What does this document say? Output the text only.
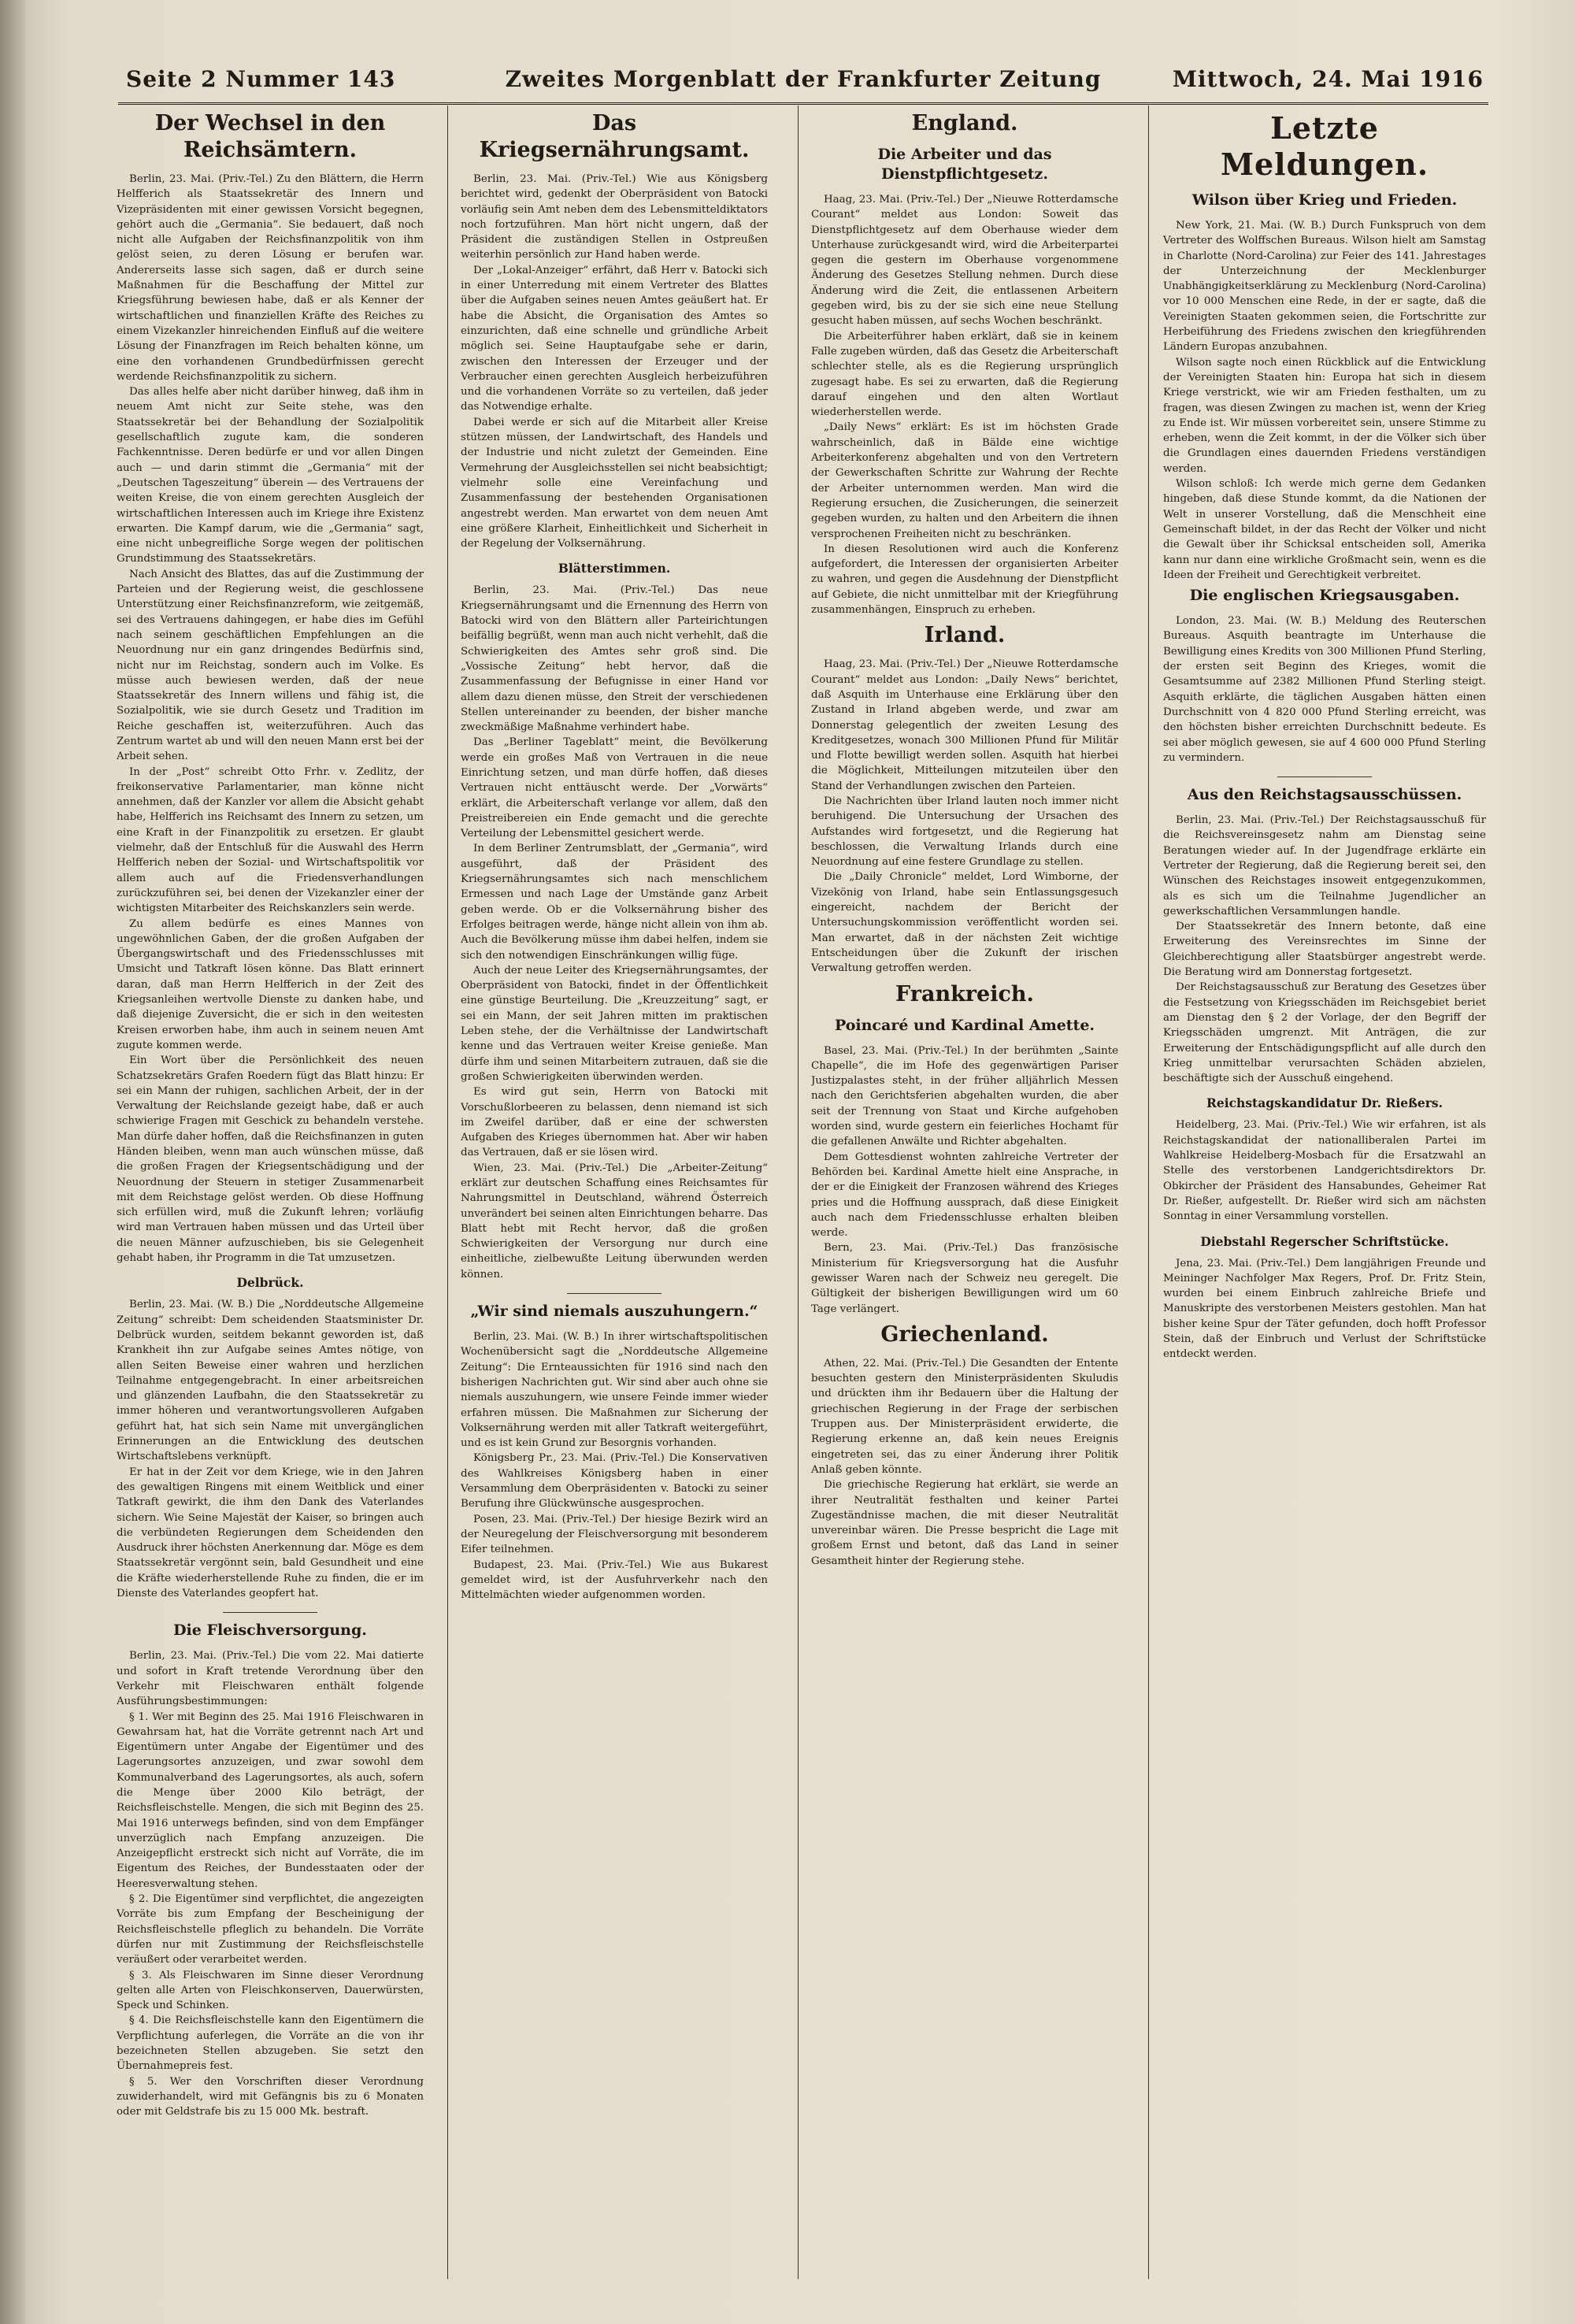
Seite 2 Nummer 143	Zweites Morgenblatt der Frankfurter Zeitung	Mittwoch, 24. Mai 1916
Der Wechsel in den Reichsämtern.

Berlin, 23. Mai. (Priv.-Tel.) Zu den Blättern, die Herrn Helfferich als Staatssekretär des Innern und Vizepräsidenten mit einer gewissen Vorsicht begegnen, gehört auch die „Germania“. Sie bedauert, daß noch nicht alle Aufgaben der Reichsfinanzpolitik von ihm gelöst seien, zu deren Lösung er berufen war. Andererseits lasse sich sagen, daß er durch seine Maßnahmen für die Beschaffung der Mittel zur Kriegsführung bewiesen habe, daß er als Kenner der wirtschaftlichen und finanziellen Kräfte des Reiches zu einem Vizekanzler hinreichenden Einfluß auf die weitere Lösung der Finanzfragen im Reich behalten könne, um eine den vorhandenen Grundbedürfnissen gerecht werdende Reichsfinanzpolitik zu sichern.

Das alles helfe aber nicht darüber hinweg, daß ihm in neuem Amt nicht zur Seite stehe, was den Staatssekretär bei der Behandlung der Sozialpolitik gesellschaftlich zugute kam, die sonderen Fachkenntnisse. Deren bedürfe er und vor allen Dingen auch — und darin stimmt die „Germania“ mit der „Deutschen Tageszeitung“ überein — des Vertrauens der weiten Kreise, die von einem gerechten Ausgleich der wirtschaftlichen Interessen auch im Kriege ihre Existenz erwarten. Die Kampf darum, wie die „Germania“ sagt, eine nicht unbegreifliche Sorge wegen der politischen Grundstimmung des Staatssekretärs.

Nach Ansicht des Blattes, das auf die Zustimmung der Parteien und der Regierung weist, die geschlossene Unterstützung einer Reichsfinanzreform, wie zeitgemäß, sei des Vertrauens dahingegen, er habe dies im Gefühl nach seinem geschäftlichen Empfehlungen an die Neuordnung nur ein ganz dringendes Bedürfnis sind, nicht nur im Reichstag, sondern auch im Volke. Es müsse auch bewiesen werden, daß der neue Staatssekretär des Innern willens und fähig ist, die Sozialpolitik, wie sie durch Gesetz und Tradition im Reiche geschaffen ist, weiterzuführen. Auch das Zentrum wartet ab und will den neuen Mann erst bei der Arbeit sehen.

In der „Post“ schreibt Otto Frhr. v. Zedlitz, der freikonservative Parlamentarier, man könne nicht annehmen, daß der Kanzler vor allem die Absicht gehabt habe, Helfferich ins Reichsamt des Innern zu setzen, um eine Kraft in der Finanzpolitik zu ersetzen. Er glaubt vielmehr, daß der Entschluß für die Auswahl des Herrn Helfferich neben der Sozial- und Wirtschaftspolitik vor allem auch auf die Friedensverhandlungen zurückzuführen sei, bei denen der Vizekanzler einer der wichtigsten Mitarbeiter des Reichskanzlers sein werde.

Zu allem bedürfe es eines Mannes von ungewöhnlichen Gaben, der die großen Aufgaben der Übergangswirtschaft und des Friedensschlusses mit Umsicht und Tatkraft lösen könne. Das Blatt erinnert daran, daß man Herrn Helfferich in der Zeit des Kriegsanleihen wertvolle Dienste zu danken habe, und daß diejenige Zuversicht, die er sich in den weitesten Kreisen erworben habe, ihm auch in seinem neuen Amt zugute kommen werde.

Ein Wort über die Persönlichkeit des neuen Schatzsekretärs Grafen Roedern fügt das Blatt hinzu: Er sei ein Mann der ruhigen, sachlichen Arbeit, der in der Verwaltung der Reichslande gezeigt habe, daß er auch schwierige Fragen mit Geschick zu behandeln verstehe. Man dürfe daher hoffen, daß die Reichsfinanzen in guten Händen bleiben, wenn man auch wünschen müsse, daß die großen Fragen der Kriegsentschädigung und der Neuordnung der Steuern in stetiger Zusammenarbeit mit dem Reichstage gelöst werden. Ob diese Hoffnung sich erfüllen wird, muß die Zukunft lehren; vorläufig wird man Vertrauen haben müssen und das Urteil über die neuen Männer aufzuschieben, bis sie Gelegenheit gehabt haben, ihr Programm in die Tat umzusetzen.

Delbrück.

Berlin, 23. Mai. (W. B.) Die „Norddeutsche Allgemeine Zeitung“ schreibt: Dem scheidenden Staatsminister Dr. Delbrück wurden, seitdem bekannt geworden ist, daß Krankheit ihn zur Aufgabe seines Amtes nötige, von allen Seiten Beweise einer wahren und herzlichen Teilnahme entgegengebracht. In einer arbeitsreichen und glänzenden Laufbahn, die den Staatssekretär zu immer höheren und verantwortungsvolleren Aufgaben geführt hat, hat sich sein Name mit unvergänglichen Erinnerungen an die Entwicklung des deutschen Wirtschaftslebens verknüpft.

Er hat in der Zeit vor dem Kriege, wie in den Jahren des gewaltigen Ringens mit einem Weitblick und einer Tatkraft gewirkt, die ihm den Dank des Vaterlandes sichern. Wie Seine Majestät der Kaiser, so bringen auch die verbündeten Regierungen dem Scheidenden den Ausdruck ihrer höchsten Anerkennung dar. Möge es dem Staatssekretär vergönnt sein, bald Gesundheit und eine die Kräfte wiederherstellende Ruhe zu finden, die er im Dienste des Vaterlandes geopfert hat.

Die Fleischversorgung.

Berlin, 23. Mai. (Priv.-Tel.) Die vom 22. Mai datierte und sofort in Kraft tretende Verordnung über den Verkehr mit Fleischwaren enthält folgende Ausführungsbestimmungen:

§ 1. Wer mit Beginn des 25. Mai 1916 Fleischwaren in Gewahrsam hat, hat die Vorräte getrennt nach Art und Eigentümern unter Angabe der Eigentümer und des Lagerungsortes anzuzeigen, und zwar sowohl dem Kommunalverband des Lagerungsortes, als auch, sofern die Menge über 2000 Kilo beträgt, der Reichsfleischstelle. Mengen, die sich mit Beginn des 25. Mai 1916 unterwegs befinden, sind von dem Empfänger unverzüglich nach Empfang anzuzeigen. Die Anzeigepflicht erstreckt sich nicht auf Vorräte, die im Eigentum des Reiches, der Bundesstaaten oder der Heeresverwaltung stehen.

§ 2. Die Eigentümer sind verpflichtet, die angezeigten Vorräte bis zum Empfang der Bescheinigung der Reichsfleischstelle pfleglich zu behandeln. Die Vorräte dürfen nur mit Zustimmung der Reichsfleischstelle veräußert oder verarbeitet werden.

§ 3. Als Fleischwaren im Sinne dieser Verordnung gelten alle Arten von Fleischkonserven, Dauerwürsten, Speck und Schinken.

§ 4. Die Reichsfleischstelle kann den Eigentümern die Verpflichtung auferlegen, die Vorräte an die von ihr bezeichneten Stellen abzugeben. Sie setzt den Übernahmepreis fest.

§ 5. Wer den Vorschriften dieser Verordnung zuwiderhandelt, wird mit Gefängnis bis zu 6 Monaten oder mit Geldstrafe bis zu 15 000 Mk. bestraft.

Das Kriegsernährungsamt.

Berlin, 23. Mai. (Priv.-Tel.) Wie aus Königsberg berichtet wird, gedenkt der Oberpräsident von Batocki vorläufig sein Amt neben dem des Lebensmitteldiktators noch fortzuführen. Man hört nicht ungern, daß der Präsident die zuständigen Stellen in Ostpreußen weiterhin persönlich zur Hand haben werde.

Der „Lokal-Anzeiger“ erfährt, daß Herr v. Batocki sich in einer Unterredung mit einem Vertreter des Blattes über die Aufgaben seines neuen Amtes geäußert hat. Er habe die Absicht, die Organisation des Amtes so einzurichten, daß eine schnelle und gründliche Arbeit möglich sei. Seine Hauptaufgabe sehe er darin, zwischen den Interessen der Erzeuger und der Verbraucher einen gerechten Ausgleich herbeizuführen und die vorhandenen Vorräte so zu verteilen, daß jeder das Notwendige erhalte.

Dabei werde er sich auf die Mitarbeit aller Kreise stützen müssen, der Landwirtschaft, des Handels und der Industrie und nicht zuletzt der Gemeinden. Eine Vermehrung der Ausgleichsstellen sei nicht beabsichtigt; vielmehr solle eine Vereinfachung und Zusammenfassung der bestehenden Organisationen angestrebt werden. Man erwartet von dem neuen Amt eine größere Klarheit, Einheitlichkeit und Sicherheit in der Regelung der Volksernährung.

Blätterstimmen.

Berlin, 23. Mai. (Priv.-Tel.) Das neue Kriegsernährungsamt und die Ernennung des Herrn von Batocki wird von den Blättern aller Parteirichtungen beifällig begrüßt, wenn man auch nicht verhehlt, daß die Schwierigkeiten des Amtes sehr groß sind. Die „Vossische Zeitung“ hebt hervor, daß die Zusammenfassung der Befugnisse in einer Hand vor allem dazu dienen müsse, den Streit der verschiedenen Stellen untereinander zu beenden, der bisher manche zweckmäßige Maßnahme verhindert habe.

Das „Berliner Tageblatt“ meint, die Bevölkerung werde ein großes Maß von Vertrauen in die neue Einrichtung setzen, und man dürfe hoffen, daß dieses Vertrauen nicht enttäuscht werde. Der „Vorwärts“ erklärt, die Arbeiterschaft verlange vor allem, daß den Preistreibereien ein Ende gemacht und die gerechte Verteilung der Lebensmittel gesichert werde.

In dem Berliner Zentrumsblatt, der „Germania“, wird ausgeführt, daß der Präsident des Kriegsernährungsamtes sich nach menschlichem Ermessen und nach Lage der Umstände ganz Arbeit geben werde. Ob er die Volksernährung bisher des Erfolges beitragen werde, hänge nicht allein von ihm ab. Auch die Bevölkerung müsse ihm dabei helfen, indem sie sich den notwendigen Einschränkungen willig füge.

Auch der neue Leiter des Kriegsernährungsamtes, der Oberpräsident von Batocki, findet in der Öffentlichkeit eine günstige Beurteilung. Die „Kreuzzeitung“ sagt, er sei ein Mann, der seit Jahren mitten im praktischen Leben stehe, der die Verhältnisse der Landwirtschaft kenne und das Vertrauen weiter Kreise genieße. Man dürfe ihm und seinen Mitarbeitern zutrauen, daß sie die großen Schwierigkeiten überwinden werden.

Es wird gut sein, Herrn von Batocki mit Vorschußlorbeeren zu belassen, denn niemand ist sich im Zweifel darüber, daß er eine der schwersten Aufgaben des Krieges übernommen hat. Aber wir haben das Vertrauen, daß er sie lösen wird.

Wien, 23. Mai. (Priv.-Tel.) Die „Arbeiter-Zeitung“ erklärt zur deutschen Schaffung eines Reichsamtes für Nahrungsmittel in Deutschland, während Österreich unverändert bei seinen alten Einrichtungen beharre. Das Blatt hebt mit Recht hervor, daß die großen Schwierigkeiten der Versorgung nur durch eine einheitliche, zielbewußte Leitung überwunden werden können.

„Wir sind niemals auszuhungern.“

Berlin, 23. Mai. (W. B.) In ihrer wirtschaftspolitischen Wochenübersicht sagt die „Norddeutsche Allgemeine Zeitung“: Die Ernteaussichten für 1916 sind nach den bisherigen Nachrichten gut. Wir sind aber auch ohne sie niemals auszuhungern, wie unsere Feinde immer wieder erfahren müssen. Die Maßnahmen zur Sicherung der Volksernährung werden mit aller Tatkraft weitergeführt, und es ist kein Grund zur Besorgnis vorhanden.

Königsberg Pr., 23. Mai. (Priv.-Tel.) Die Konservativen des Wahlkreises Königsberg haben in einer Versammlung dem Oberpräsidenten v. Batocki zu seiner Berufung ihre Glückwünsche ausgesprochen.

Posen, 23. Mai. (Priv.-Tel.) Der hiesige Bezirk wird an der Neuregelung der Fleischversorgung mit besonderem Eifer teilnehmen.

Budapest, 23. Mai. (Priv.-Tel.) Wie aus Bukarest gemeldet wird, ist der Ausfuhrverkehr nach den Mittelmächten wieder aufgenommen worden.

England.
Die Arbeiter und das Dienstpflichtgesetz.

Haag, 23. Mai. (Priv.-Tel.) Der „Nieuwe Rotterdamsche Courant“ meldet aus London: Soweit das Dienstpflichtgesetz auf dem Oberhause wieder dem Unterhause zurückgesandt wird, wird die Arbeiterpartei gegen die gestern im Oberhause vorgenommene Änderung des Gesetzes Stellung nehmen. Durch diese Änderung wird die Zeit, die entlassenen Arbeitern gegeben wird, bis zu der sie sich eine neue Stellung gesucht haben müssen, auf sechs Wochen beschränkt.

Die Arbeiterführer haben erklärt, daß sie in keinem Falle zugeben würden, daß das Gesetz die Arbeiterschaft schlechter stelle, als es die Regierung ursprünglich zugesagt habe. Es sei zu erwarten, daß die Regierung darauf eingehen und den alten Wortlaut wiederherstellen werde.

„Daily News“ erklärt: Es ist im höchsten Grade wahrscheinlich, daß in Bälde eine wichtige Arbeiterkonferenz abgehalten und von den Vertretern der Gewerkschaften Schritte zur Wahrung der Rechte der Arbeiter unternommen werden. Man wird die Regierung ersuchen, die Zusicherungen, die seinerzeit gegeben wurden, zu halten und den Arbeitern die ihnen versprochenen Freiheiten nicht zu beschränken.

In diesen Resolutionen wird auch die Konferenz aufgefordert, die Interessen der organisierten Arbeiter zu wahren, und gegen die Ausdehnung der Dienstpflicht auf Gebiete, die nicht unmittelbar mit der Kriegführung zusammenhängen, Einspruch zu erheben.

Irland.

Haag, 23. Mai. (Priv.-Tel.) Der „Nieuwe Rotterdamsche Courant“ meldet aus London: „Daily News“ berichtet, daß Asquith im Unterhause eine Erklärung über den Zustand in Irland abgeben werde, und zwar am Donnerstag gelegentlich der zweiten Lesung des Kreditgesetzes, wonach 300 Millionen Pfund für Militär und Flotte bewilligt werden sollen. Asquith hat hierbei die Möglichkeit, Mitteilungen mitzuteilen über den Stand der Verhandlungen zwischen den Parteien.

Die Nachrichten über Irland lauten noch immer nicht beruhigend. Die Untersuchung der Ursachen des Aufstandes wird fortgesetzt, und die Regierung hat beschlossen, die Verwaltung Irlands durch eine Neuordnung auf eine festere Grundlage zu stellen.

Die „Daily Chronicle“ meldet, Lord Wimborne, der Vizekönig von Irland, habe sein Entlassungsgesuch eingereicht, nachdem der Bericht der Untersuchungskommission veröffentlicht worden sei. Man erwartet, daß in der nächsten Zeit wichtige Entscheidungen über die Zukunft der irischen Verwaltung getroffen werden.

Frankreich.
Poincaré und Kardinal Amette.

Basel, 23. Mai. (Priv.-Tel.) In der berühmten „Sainte Chapelle“, die im Hofe des gegenwärtigen Pariser Justizpalastes steht, in der früher alljährlich Messen nach den Gerichtsferien abgehalten wurden, die aber seit der Trennung von Staat und Kirche aufgehoben worden sind, wurde gestern ein feierliches Hochamt für die gefallenen Anwälte und Richter abgehalten.

Dem Gottesdienst wohnten zahlreiche Vertreter der Behörden bei. Kardinal Amette hielt eine Ansprache, in der er die Einigkeit der Franzosen während des Krieges pries und die Hoffnung aussprach, daß diese Einigkeit auch nach dem Friedensschlusse erhalten bleiben werde.

Bern, 23. Mai. (Priv.-Tel.) Das französische Ministerium für Kriegsversorgung hat die Ausfuhr gewisser Waren nach der Schweiz neu geregelt. Die Gültigkeit der bisherigen Bewilligungen wird um 60 Tage verlängert.

Griechenland.

Athen, 22. Mai. (Priv.-Tel.) Die Gesandten der Entente besuchten gestern den Ministerpräsidenten Skuludis und drückten ihm ihr Bedauern über die Haltung der griechischen Regierung in der Frage der serbischen Truppen aus. Der Ministerpräsident erwiderte, die Regierung erkenne an, daß kein neues Ereignis eingetreten sei, das zu einer Änderung ihrer Politik Anlaß geben könnte.

Die griechische Regierung hat erklärt, sie werde an ihrer Neutralität festhalten und keiner Partei Zugeständnisse machen, die mit dieser Neutralität unvereinbar wären. Die Presse bespricht die Lage mit großem Ernst und betont, daß das Land in seiner Gesamtheit hinter der Regierung stehe.

Letzte Meldungen.
Wilson über Krieg und Frieden.

New York, 21. Mai. (W. B.) Durch Funkspruch von dem Vertreter des Wolffschen Bureaus. Wilson hielt am Samstag in Charlotte (Nord-Carolina) zur Feier des 141. Jahrestages der Unterzeichnung der Mecklenburger Unabhängigkeitserklärung zu Mecklenburg (Nord-Carolina) vor 10 000 Menschen eine Rede, in der er sagte, daß die Vereinigten Staaten gekommen seien, die Fortschritte zur Herbeiführung des Friedens zwischen den kriegführenden Ländern Europas anzubahnen.

Wilson sagte noch einen Rückblick auf die Entwicklung der Vereinigten Staaten hin: Europa hat sich in diesem Kriege verstrickt, wie wir am Frieden festhalten, um zu fragen, was diesen Zwingen zu machen ist, wenn der Krieg zu Ende ist. Wir müssen vorbereitet sein, unsere Stimme zu erheben, wenn die Zeit kommt, in der die Völker sich über die Grundlagen eines dauernden Friedens verständigen werden.

Wilson schloß: Ich werde mich gerne dem Gedanken hingeben, daß diese Stunde kommt, da die Nationen der Welt in unserer Vorstellung, daß die Menschheit eine Gemeinschaft bildet, in der das Recht der Völker und nicht die Gewalt über ihr Schicksal entscheiden soll, Amerika kann nur dann eine wirkliche Großmacht sein, wenn es die Ideen der Freiheit und Gerechtigkeit verbreitet.

Die englischen Kriegsausgaben.

London, 23. Mai. (W. B.) Meldung des Reuterschen Bureaus. Asquith beantragte im Unterhause die Bewilligung eines Kredits von 300 Millionen Pfund Sterling, der ersten seit Beginn des Krieges, womit die Gesamtsumme auf 2382 Millionen Pfund Sterling steigt. Asquith erklärte, die täglichen Ausgaben hätten einen Durchschnitt von 4 820 000 Pfund Sterling erreicht, was den höchsten bisher erreichten Durchschnitt bedeute. Es sei aber möglich gewesen, sie auf 4 600 000 Pfund Sterling zu vermindern.

Aus den Reichstagsausschüssen.

Berlin, 23. Mai. (Priv.-Tel.) Der Reichstagsausschuß für die Reichsvereinsgesetz nahm am Dienstag seine Beratungen wieder auf. In der Jugendfrage erklärte ein Vertreter der Regierung, daß die Regierung bereit sei, den Wünschen des Reichstages insoweit entgegenzukommen, als es sich um die Teilnahme Jugendlicher an gewerkschaftlichen Versammlungen handle.

Der Staatssekretär des Innern betonte, daß eine Erweiterung des Vereinsrechtes im Sinne der Gleichberechtigung aller Staatsbürger angestrebt werde. Die Beratung wird am Donnerstag fortgesetzt.

Der Reichstagsausschuß zur Beratung des Gesetzes über die Festsetzung von Kriegsschäden im Reichsgebiet beriet am Dienstag den § 2 der Vorlage, der den Begriff der Kriegsschäden umgrenzt. Mit Anträgen, die zur Erweiterung der Entschädigungspflicht auf alle durch den Krieg unmittelbar verursachten Schäden abzielen, beschäftigte sich der Ausschuß eingehend.

Reichstagskandidatur Dr. Rießers.

Heidelberg, 23. Mai. (Priv.-Tel.) Wie wir erfahren, ist als Reichstagskandidat der nationalliberalen Partei im Wahlkreise Heidelberg-Mosbach für die Ersatzwahl an Stelle des verstorbenen Landgerichtsdirektors Dr. Obkircher der Präsident des Hansabundes, Geheimer Rat Dr. Rießer, aufgestellt. Dr. Rießer wird sich am nächsten Sonntag in einer Versammlung vorstellen.

Diebstahl Regerscher Schriftstücke.

Jena, 23. Mai. (Priv.-Tel.) Dem langjährigen Freunde und Meininger Nachfolger Max Regers, Prof. Dr. Fritz Stein, wurden bei einem Einbruch zahlreiche Briefe und Manuskripte des verstorbenen Meisters gestohlen. Man hat bisher keine Spur der Täter gefunden, doch hofft Professor Stein, daß der Einbruch und Verlust der Schriftstücke entdeckt werden.
